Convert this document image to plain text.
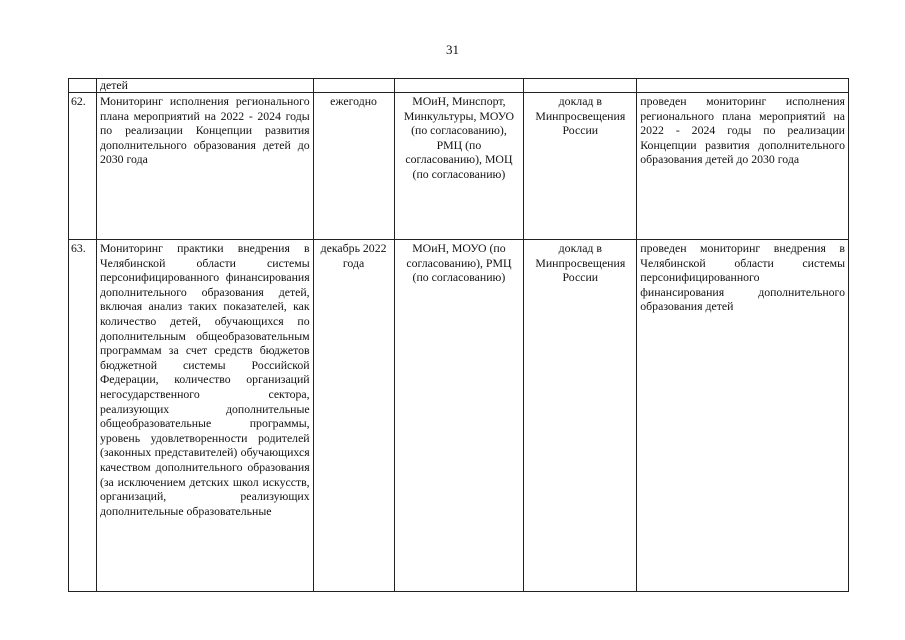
31
	детей				
62.	Мониторинг исполнения регионального плана мероприятий на 2022 - 2024 годы по реализации Концепции развития дополнительного образования детей до 2030 года	ежегодно	МОиН, Минспорт, Минкультуры, МОУО (по согласованию), РМЦ (по согласованию), МОЦ (по согласованию)	доклад в Минпросвещения России	проведен мониторинг исполнения регионального плана мероприятий на 2022 - 2024 годы по реализации Концепции развития дополнительного образования детей до 2030 года
63.	Мониторинг практики внедрения в Челябинской области системы персонифицированного финансирования дополнительного образования детей, включая анализ таких показателей, как количество детей, обучающихся по дополнительным общеобразовательным программам за счет средств бюджетов бюджетной системы Российской Федерации, количество организаций негосударственного сектора, реализующих дополнительные общеобразовательные программы, уровень удовлетворенности родителей (законных представителей) обучающихся качеством дополнительного образования (за исключением детских школ искусств, организаций, реализующих дополнительные образовательные	декабрь 2022 года	МОиН, МОУО (по согласованию), РМЦ (по согласованию)	доклад в Минпросвещения России	проведен мониторинг внедрения в Челябинской области системы персонифицированного финансирования дополнительного образования детей
